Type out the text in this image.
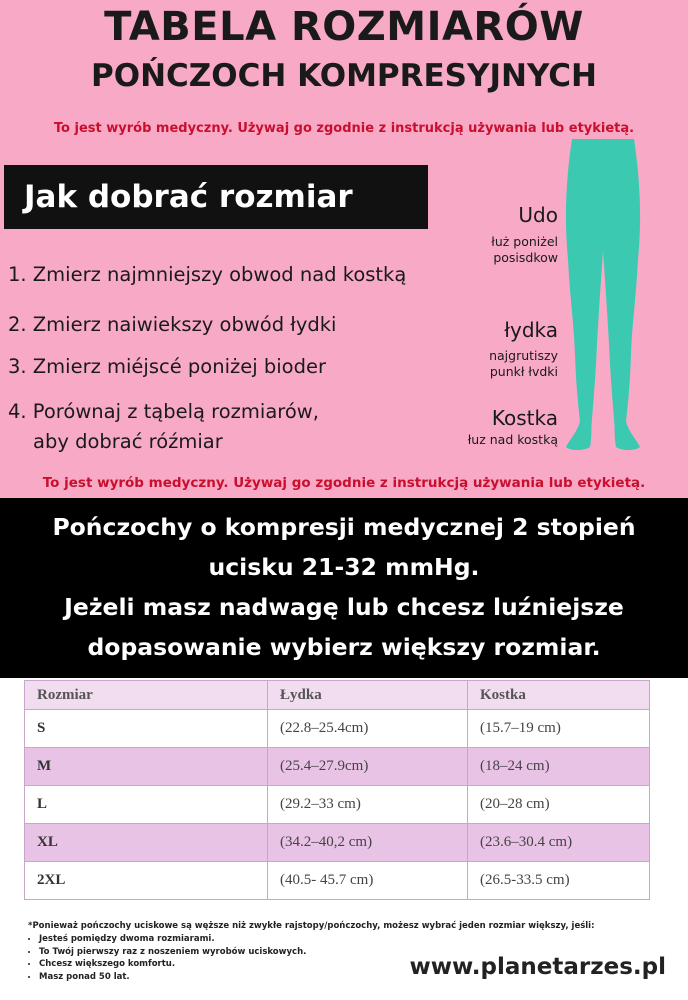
TABELA ROZMIARÓW
POŃCZOCH KOMPRESYJNYCH
To jest wyrób medyczny. Używaj go zgodnie z instrukcją używania lub etykietą.
Jak dobrać rozmiar
1. Zmierz najmniejszy obwod nad kostką
2. Zmierz naiwiekszy obwód łydki
3. Zmierz miéjscé poniżej bioder
4. Porównaj z tąbelą rozmiarów,
aby dobrać róźmiar
Udo
łuż poniżel
posisdkow
łydka
najgrutiszy
punkł łvdki
Kostka
łuz nad kostką
To jest wyrób medyczny. Używaj go zgodnie z instrukcją używania lub etykietą.
Pończochy o kompresji medycznej 2 stopień
ucisku 21-32 mmHg.
Jeżeli masz nadwagę lub chcesz luźniejsze
dopasowanie wybierz większy rozmiar.
Rozmiar	Łydka	Kostka
S	(22.8–25.4cm)	(15.7–19 cm)
M	(25.4–27.9cm)	(18–24 cm)
L	(29.2–33 cm)	(20–28 cm)
XL	(34.2–40,2 cm)	(23.6–30.4 cm)
2XL	(40.5- 45.7 cm)	(26.5-33.5 cm)
*Ponieważ pończochy uciskowe są węższe niż zwykłe rajstopy/pończochy, możesz wybrać jeden rozmiar większy, jeśli:
• Jesteś pomiędzy dwoma rozmiarami.
• To Twój pierwszy raz z noszeniem wyrobów uciskowych.
• Chcesz większego komfortu.
• Masz ponad 50 lat.	www.planetarzes.pl
